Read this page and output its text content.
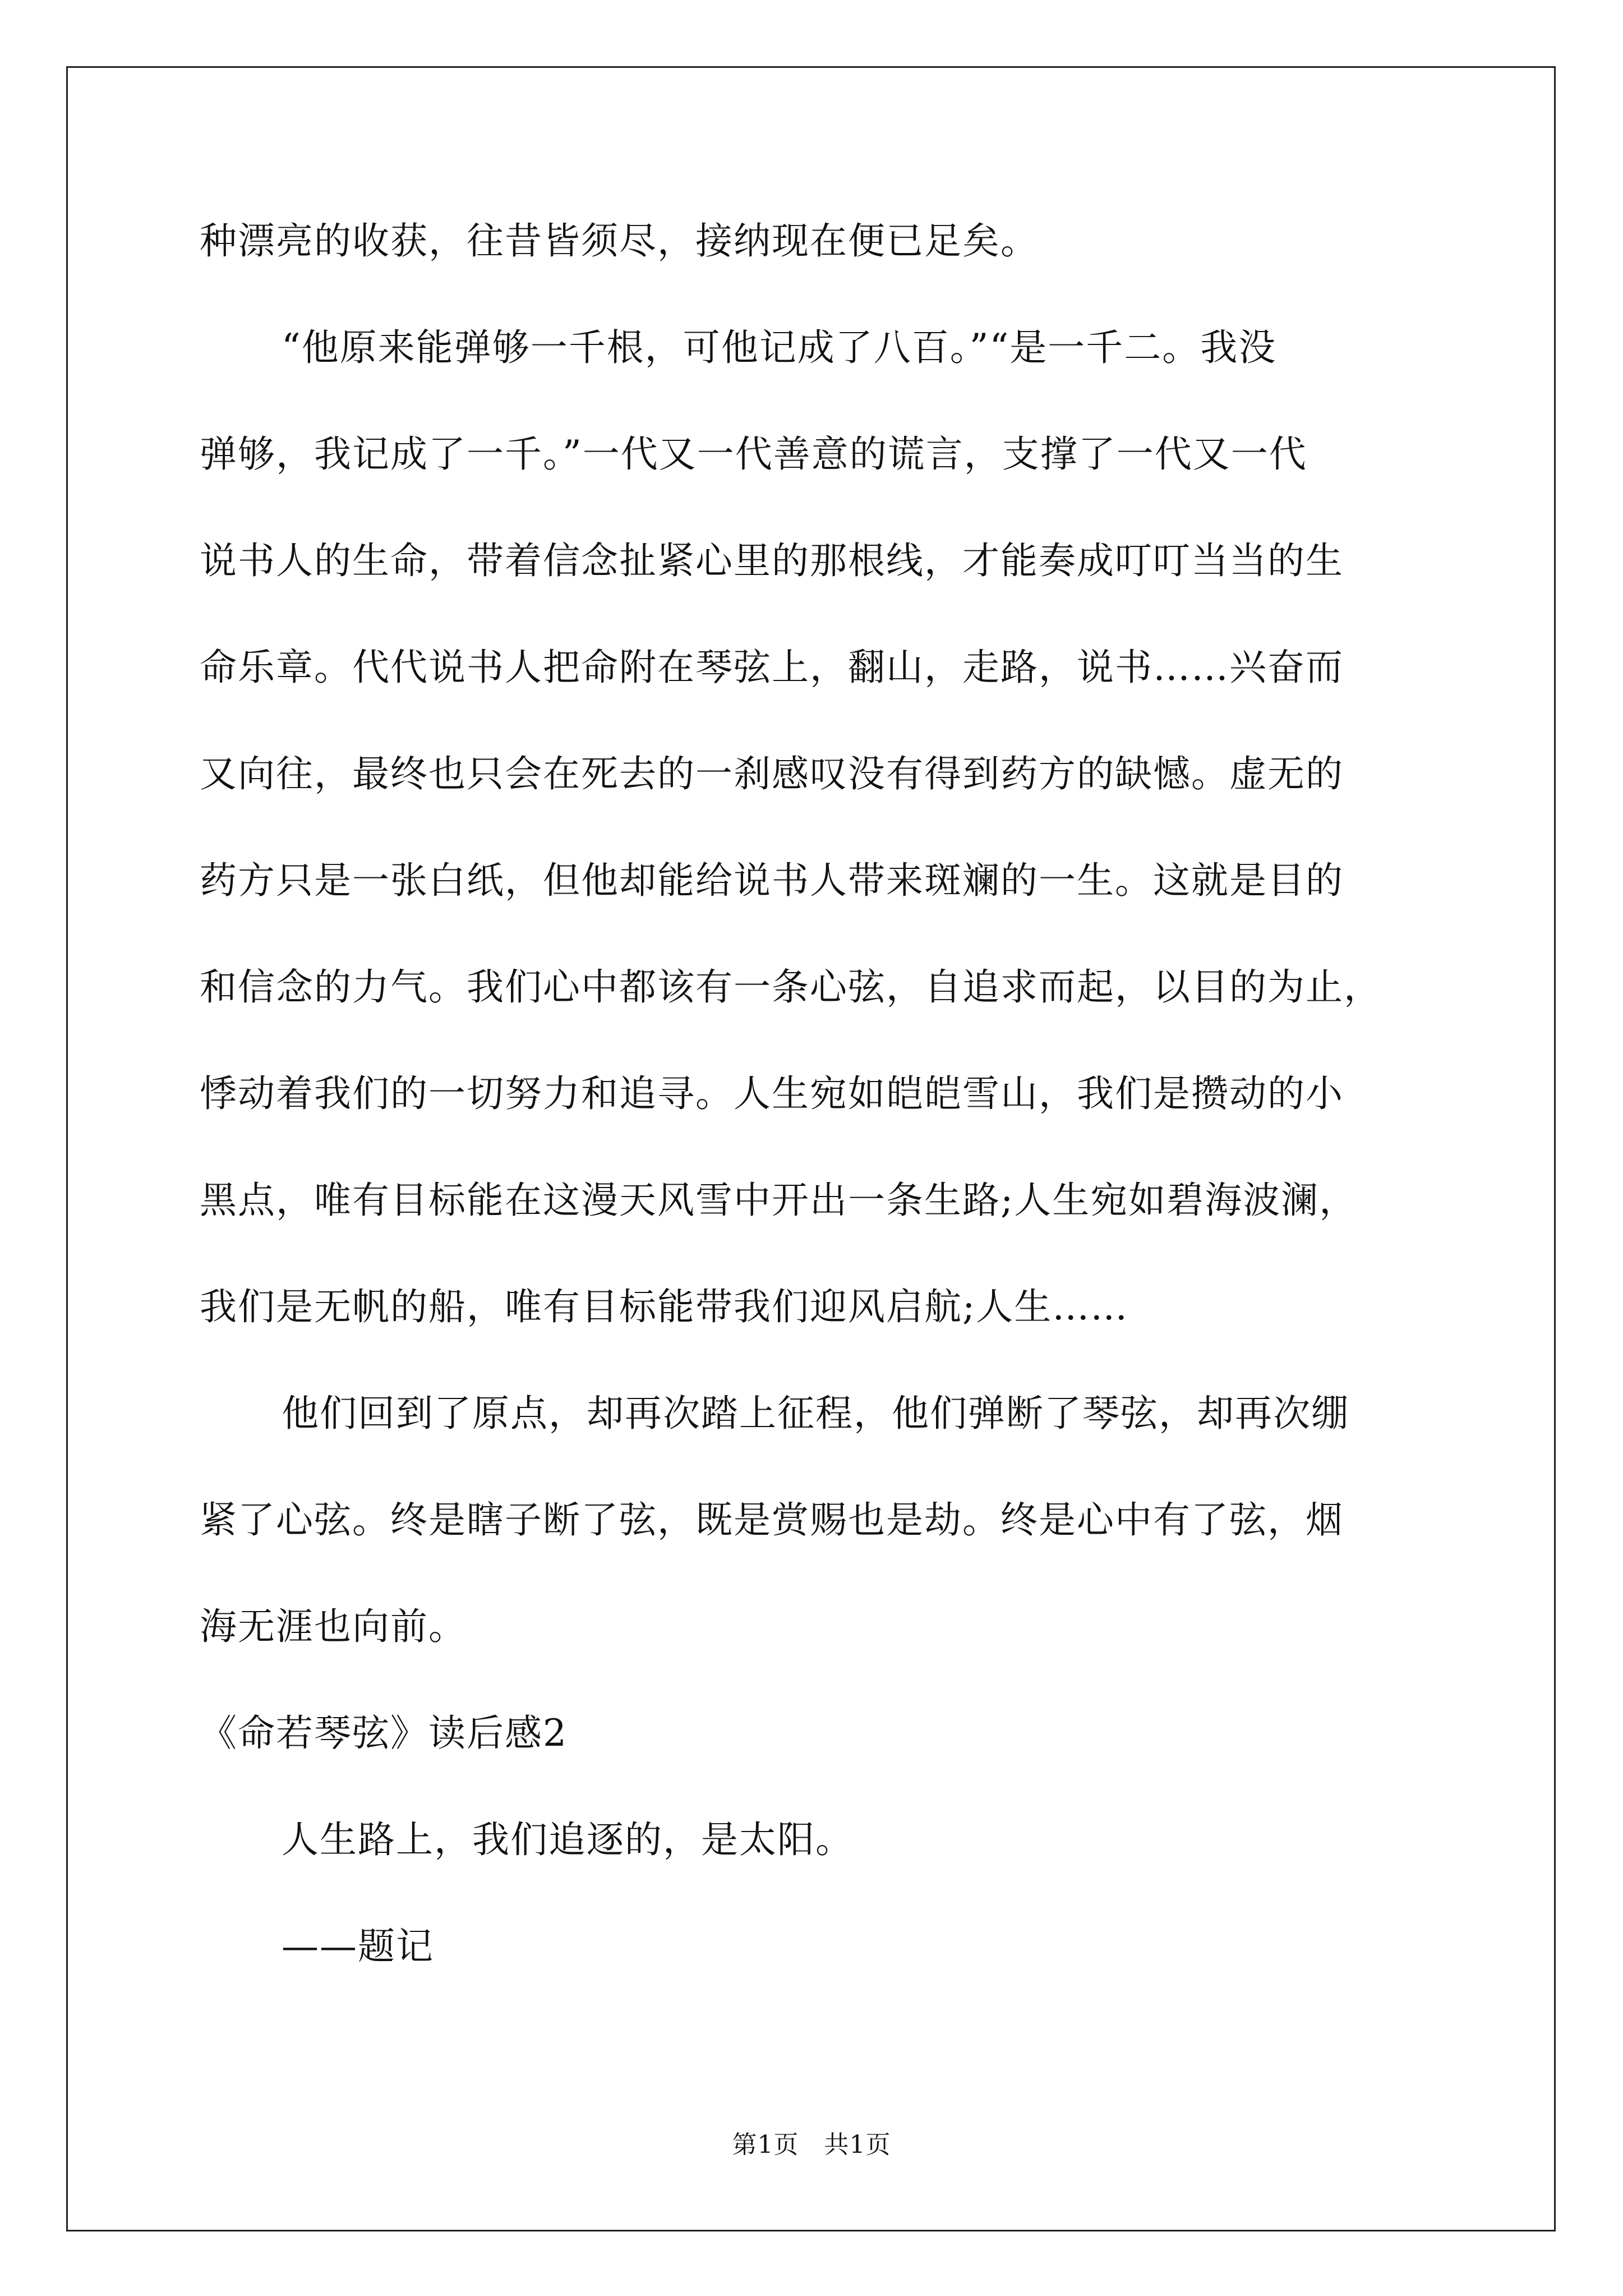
种漂亮的收获，往昔皆须尽，接纳现在便已足矣。
“他原来能弹够一千根，可他记成了八百。”“是一千二。我没
弹够，我记成了一千。”一代又一代善意的谎言，支撑了一代又一代
说书人的生命，带着信念扯紧心里的那根线，才能奏成叮叮当当的生
命乐章。代代说书人把命附在琴弦上，翻山，走路，说书……兴奋而
又向往，最终也只会在死去的一刹感叹没有得到药方的缺憾。虚无的
药方只是一张白纸，但他却能给说书人带来斑斓的一生。这就是目的
和信念的力气。我们心中都该有一条心弦，自追求而起，以目的为止，
悸动着我们的一切努力和追寻。人生宛如皑皑雪山，我们是攒动的小
黑点，唯有目标能在这漫天风雪中开出一条生路;人生宛如碧海波澜，
我们是无帆的船，唯有目标能带我们迎风启航;人生……
他们回到了原点，却再次踏上征程，他们弹断了琴弦，却再次绷
紧了心弦。终是瞎子断了弦，既是赏赐也是劫。终是心中有了弦，烟
海无涯也向前。
《命若琴弦》读后感2
人生路上，我们追逐的，是太阳。
——题记
第1页 共1页
